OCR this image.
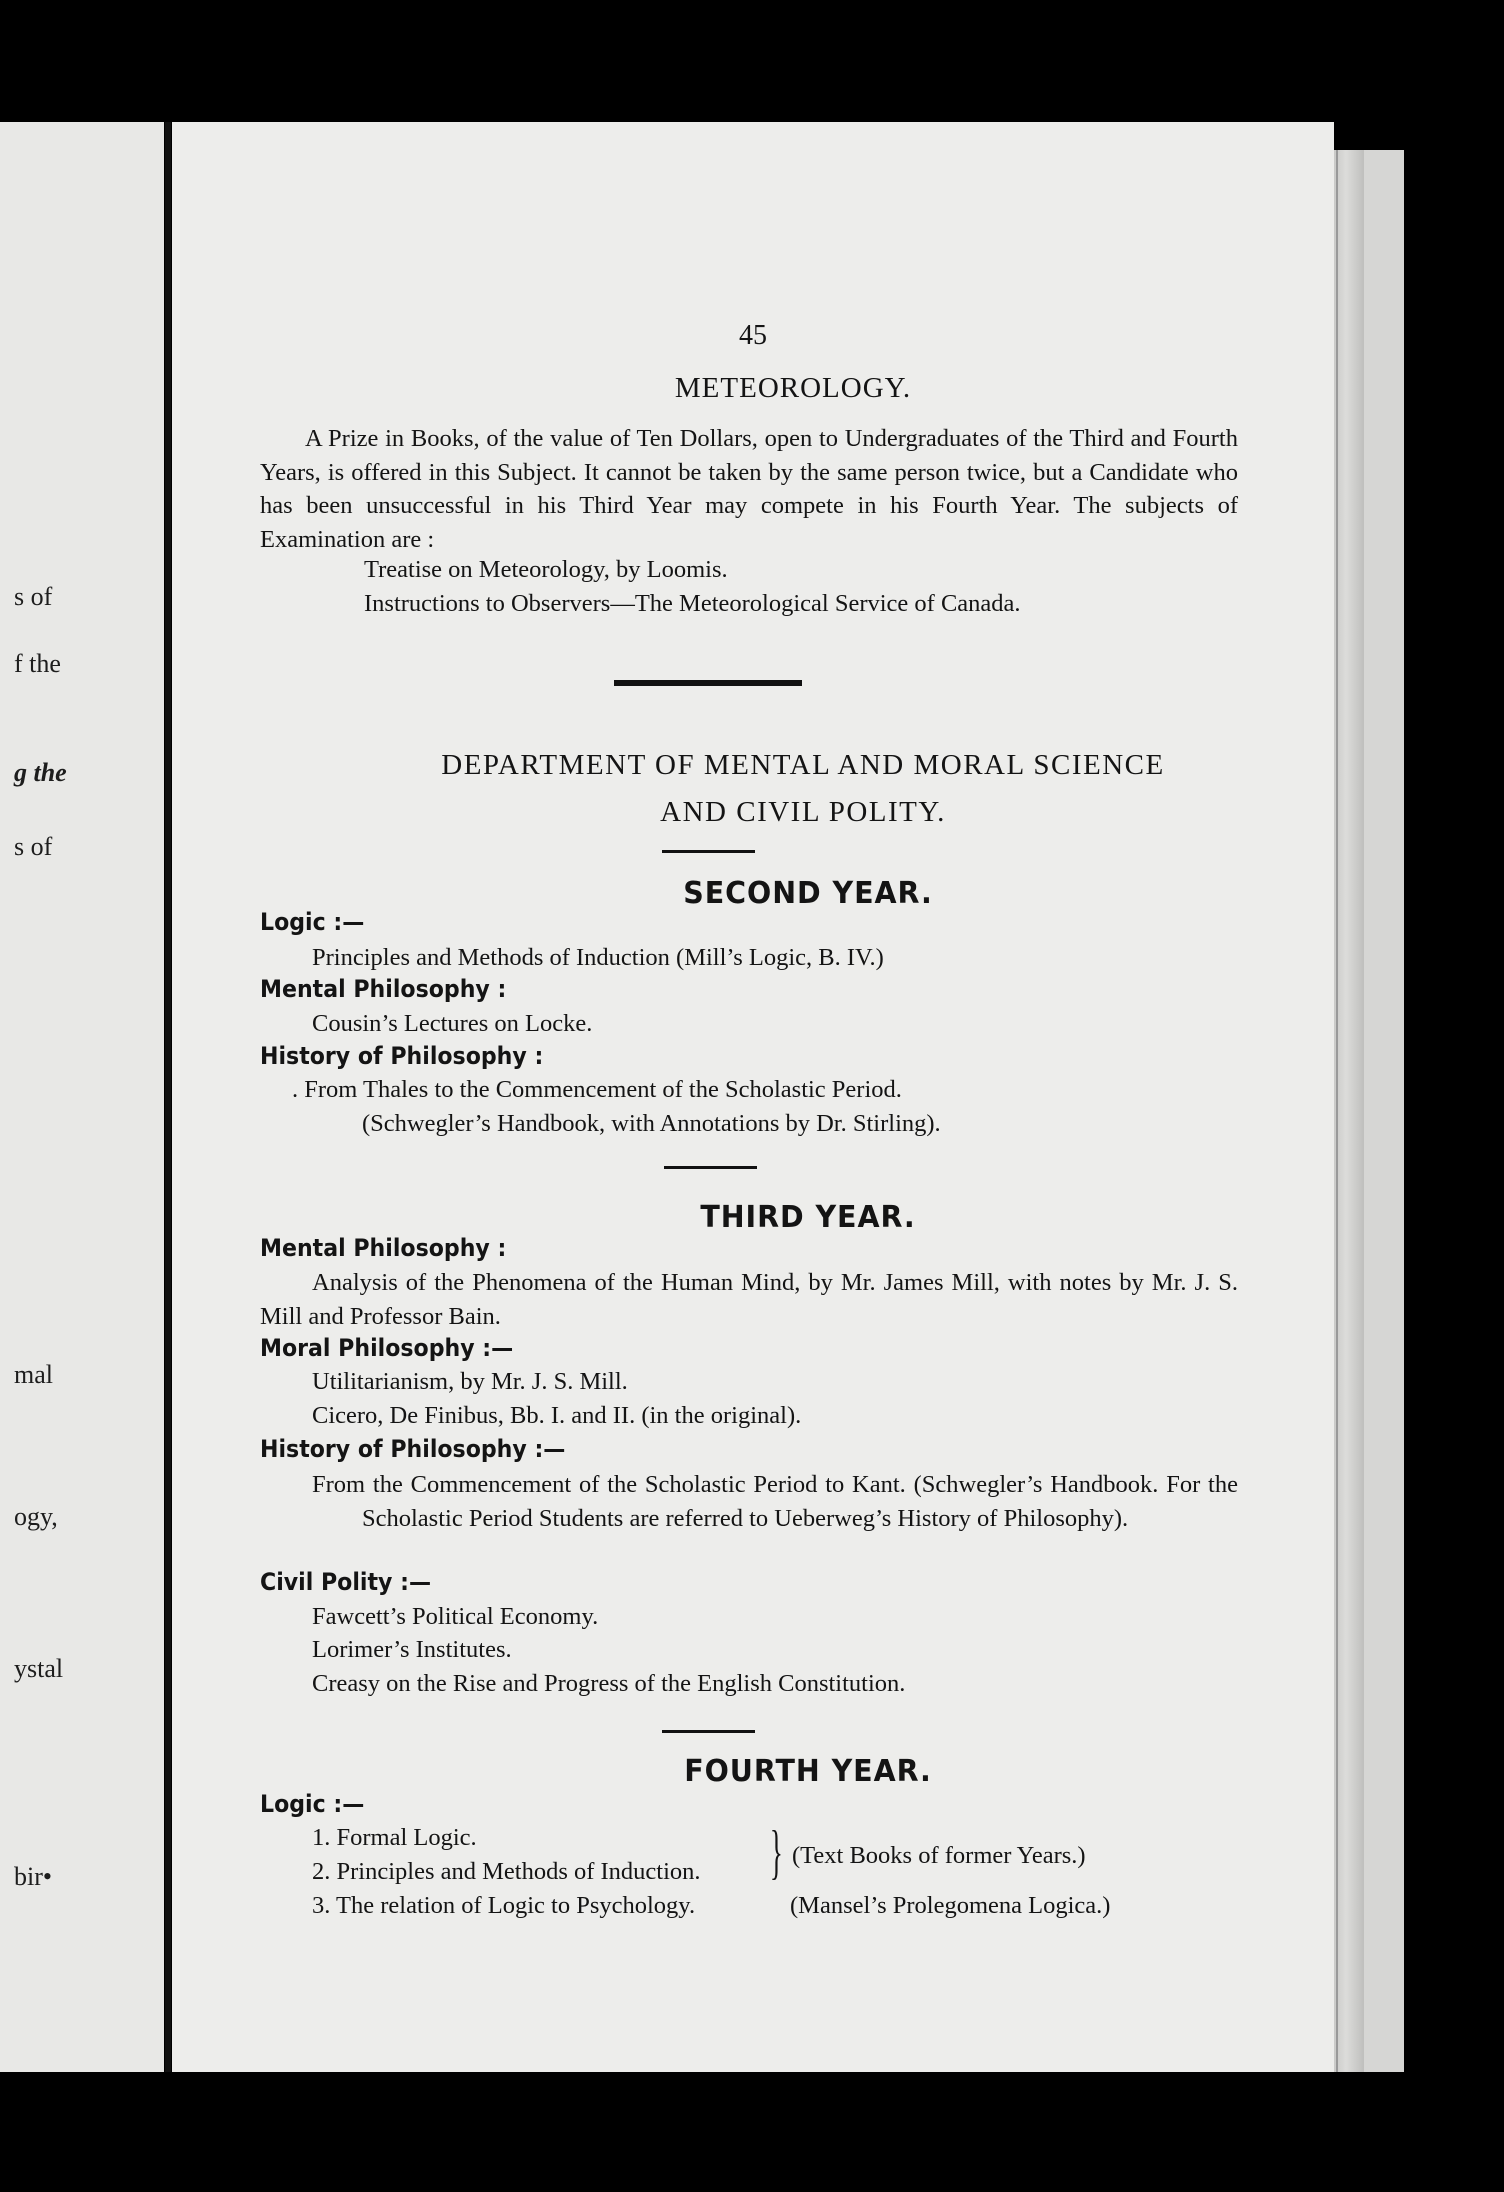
s of
f the
g the
s of
mal
ogy,
ystal
bir•
45
METEOROLOGY.
A Prize in Books, of the value of Ten Dollars, open to Undergraduates of the Third and Fourth Years, is offered in this Subject. It cannot be taken by the same person twice, but a Candidate who has been unsuccessful in his Third Year may compete in his Fourth Year. The subjects of Examination are :
Treatise on Meteorology, by Loomis.
Instructions to Observers—The Meteorological Service of Canada.
DEPARTMENT OF MENTAL AND MORAL SCIENCE
AND CIVIL POLITY.
SECOND YEAR.
Logic :—
Principles and Methods of Induction (Mill’s Logic, B. IV.)
Mental Philosophy :
Cousin’s Lectures on Locke.
History of Philosophy :
. From Thales to the Commencement of the Scholastic Period.
(Schwegler’s Handbook, with Annotations by Dr. Stirling).
THIRD YEAR.
Mental Philosophy :
Analysis of the Phenomena of the Human Mind, by Mr. James Mill, with notes by Mr. J. S. Mill and Professor Bain.
Moral Philosophy :—
Utilitarianism, by Mr. J. S. Mill.
Cicero, De Finibus, Bb. I. and II. (in the original).
History of Philosophy :—
From the Commencement of the Scholastic Period to Kant. (Schwegler’s Handbook. For the Scholastic Period Students are referred to Ueberweg’s History of Philosophy).
Civil Polity :—
Fawcett’s Political Economy.
Lorimer’s Institutes.
Creasy on the Rise and Progress of the English Constitution.
FOURTH YEAR.
Logic :—
1. Formal Logic.
2. Principles and Methods of Induction.
3. The relation of Logic to Psychology.
} (Text Books of former Years.)
(Mansel’s Prolegomena Logica.)
